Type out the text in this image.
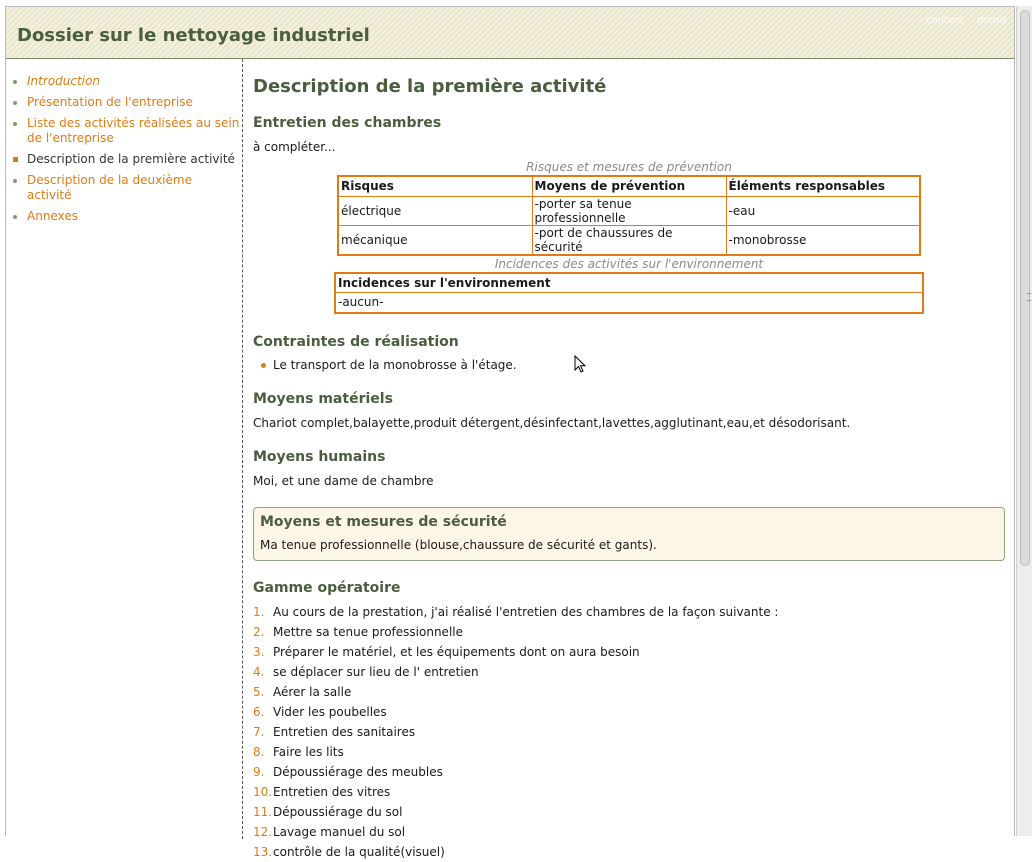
Dossier sur le nettoyage industriel
content menu
Introduction
Présentation de l'entreprise
Liste des activités réalisées au sein de l'entreprise
Description de la première activité
Description de la deuxième activité
Annexes
Description de la première activité
Entretien des chambres

à compléter...

Risques et mesures de prévention
Risques	Moyens de prévention	Éléments responsables
électrique	-porter sa tenue professionnelle	-eau
mécanique	-port de chaussures de sécurité	-monobrosse
Incidences des activités sur l'environnement
Incidences sur l'environnement
-aucun-
Contraintes de réalisation
Le transport de la monobrosse à l'étage.
Moyens matériels

Chariot complet,balayette,produit détergent,désinfectant,lavettes,agglutinant,eau,et désodorisant.

Moyens humains

Moi, et une dame de chambre

Moyens et mesures de sécurité

Ma tenue professionnelle (blouse,chaussure de sécurité et gants).

Gamme opératoire
1. Au cours de la prestation, j'ai réalisé l'entretien des chambres de la façon suivante :
2. Mettre sa tenue professionnelle
3. Préparer le matériel, et les équipements dont on aura besoin
4. se déplacer sur lieu de l' entretien
5. Aérer la salle
6. Vider les poubelles
7. Entretien des sanitaires
8. Faire les lits
9. Dépoussiérage des meubles
10. Entretien des vitres
11. Dépoussiérage du sol
12. Lavage manuel du sol
13. contrôle de la qualité(visuel)
